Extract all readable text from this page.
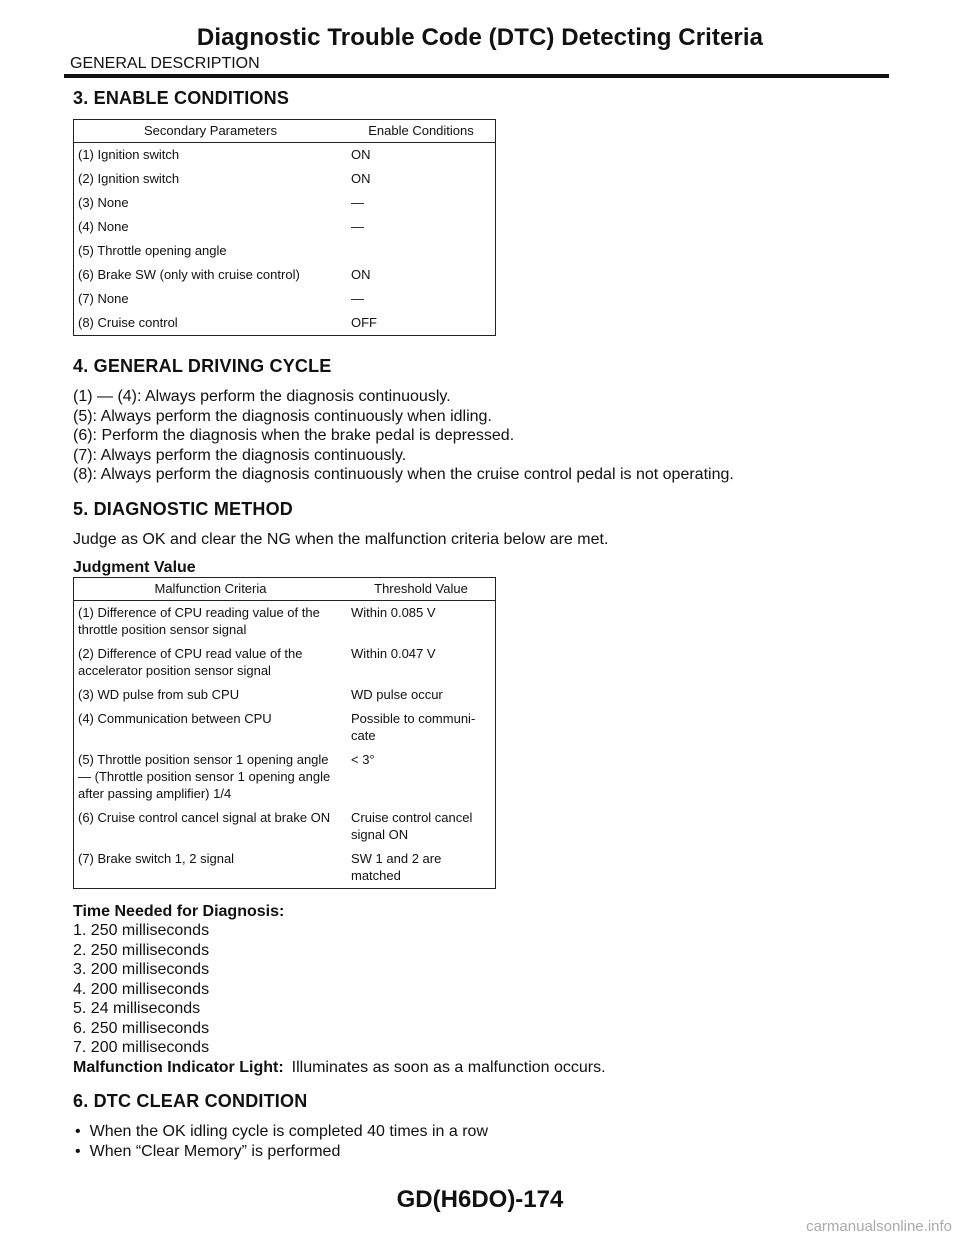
Diagnostic Trouble Code (DTC) Detecting Criteria
GENERAL DESCRIPTION
3. ENABLE CONDITIONS
Secondary Parameters	Enable Conditions
(1) Ignition switch	ON
(2) Ignition switch	ON
(3) None	—
(4) None	—
(5) Throttle opening angle	
(6) Brake SW (only with cruise control)	ON
(7) None	—
(8) Cruise control	OFF
4. GENERAL DRIVING CYCLE

(1) — (4): Always perform the diagnosis continuously.

(5): Always perform the diagnosis continuously when idling.

(6): Perform the diagnosis when the brake pedal is depressed.

(7): Always perform the diagnosis continuously.

(8): Always perform the diagnosis continuously when the cruise control pedal is not operating.

5. DIAGNOSTIC METHOD

Judge as OK and clear the NG when the malfunction criteria below are met.

Judgment Value
Malfunction Criteria	Threshold Value
(1) Difference of CPU reading value of the throttle position sensor signal	Within 0.085 V
(2) Difference of CPU read value of the accelerator position sensor signal	Within 0.047 V
(3) WD pulse from sub CPU	WD pulse occur
(4) Communication between CPU	Possible to communi-cate
(5) Throttle position sensor 1 opening angle — (Throttle position sensor 1 opening angle after passing amplifier) 1/4	< 3°
(6) Cruise control cancel signal at brake ON	Cruise control cancel signal ON
(7) Brake switch 1, 2 signal	SW 1 and 2 are matched
Time Needed for Diagnosis:

1. 250 milliseconds

2. 250 milliseconds

3. 200 milliseconds

4. 200 milliseconds

5. 24 milliseconds

6. 250 milliseconds

7. 200 milliseconds

Malfunction Indicator Light: Illuminates as soon as a malfunction occurs.

6. DTC CLEAR CONDITION
• When the OK idling cycle is completed 40 times in a row
• When “Clear Memory” is performed
GD(H6DO)-174
carmanualsonline.info
